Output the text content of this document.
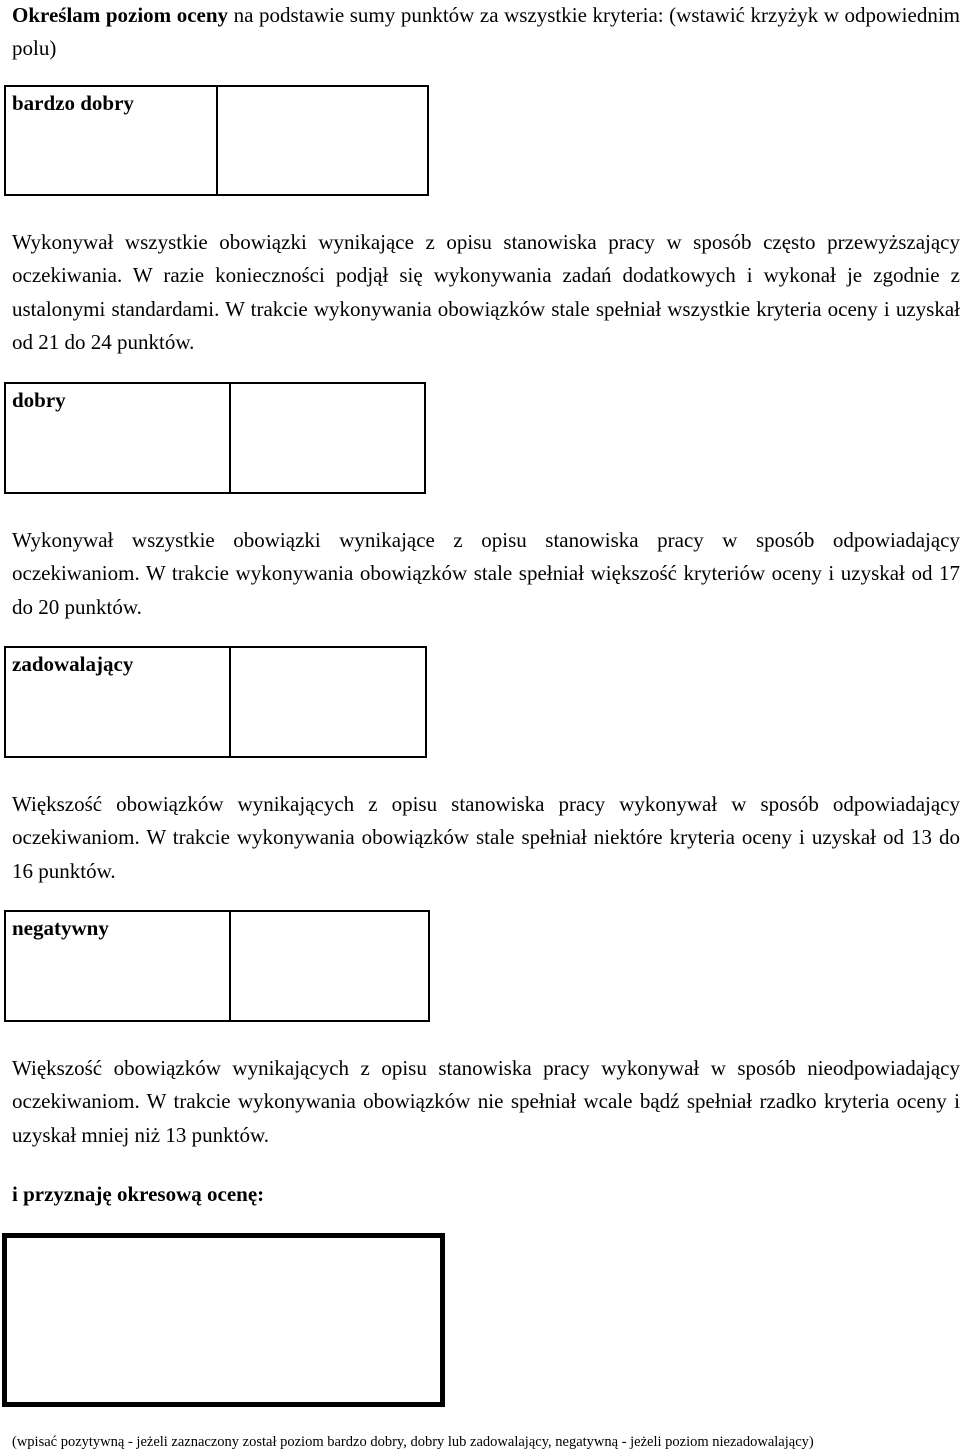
Określam poziom oceny na podstawie sumy punktów za wszystkie kryteria: (wstawić krzyżyk w odpowiednim polu)

bardzo dobry

Wykonywał wszystkie obowiązki wynikające z opisu stanowiska pracy w sposób często przewyższający oczekiwania. W razie konieczności podjął się wykonywania zadań dodatkowych i wykonał je zgodnie z ustalonymi standardami. W trakcie wykonywania obowiązków stale spełniał wszystkie kryteria oceny i uzyskał od 21 do 24 punktów.

dobry

Wykonywał wszystkie obowiązki wynikające z opisu stanowiska pracy w sposób odpowiadający oczekiwaniom. W trakcie wykonywania obowiązków stale spełniał większość kryteriów oceny i uzyskał od 17 do 20 punktów.

zadowalający

Większość obowiązków wynikających z opisu stanowiska pracy wykonywał w sposób odpowiadający oczekiwaniom. W trakcie wykonywania obowiązków stale spełniał niektóre kryteria oceny i uzyskał od 13 do 16 punktów.

negatywny

Większość obowiązków wynikających z opisu stanowiska pracy wykonywał w sposób nieodpowiadający oczekiwaniom. W trakcie wykonywania obowiązków nie spełniał wcale bądź spełniał rzadko kryteria oceny i uzyskał mniej niż 13 punktów.

i przyznaję okresową ocenę:
(wpisać pozytywną - jeżeli zaznaczony został poziom bardzo dobry, dobry lub zadowalający, negatywną - jeżeli poziom niezadowalający)
